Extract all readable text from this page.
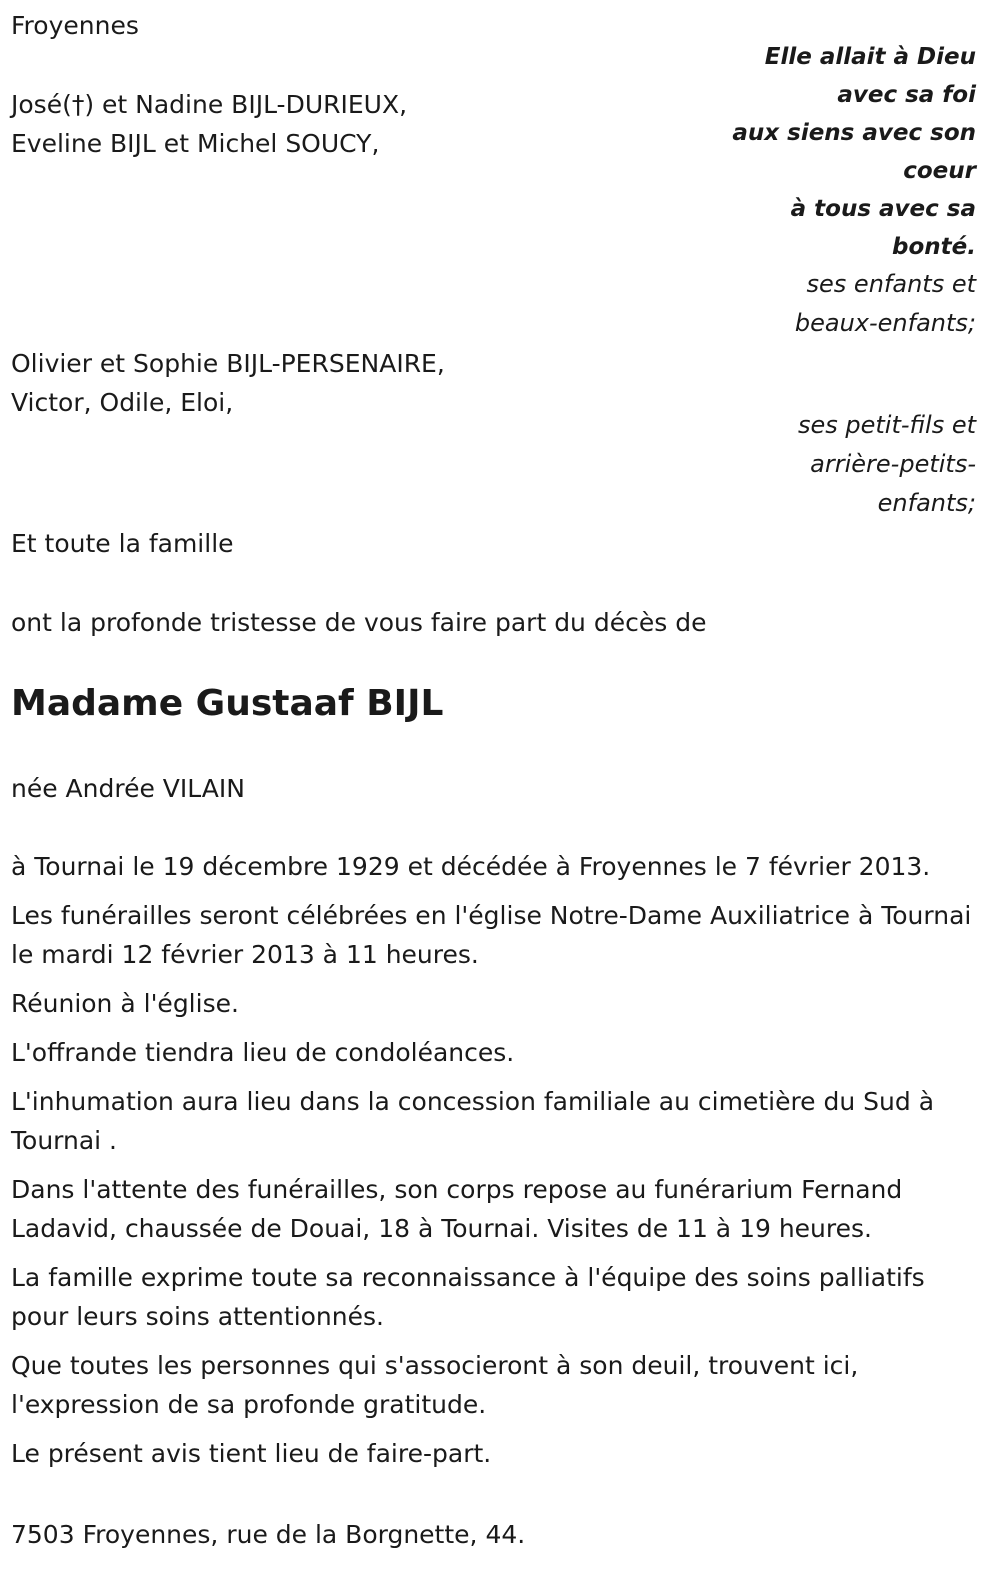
Froyennes
Elle allait à Dieu
avec sa foi
aux siens avec son
coeur
à tous avec sa
bonté.
José(†) et Nadine BIJL-DURIEUX,
Eveline BIJL et Michel SOUCY,
ses enfants et
beaux-enfants;
Olivier et Sophie BIJL-PERSENAIRE,
Victor, Odile, Eloi,
ses petit-fils et
arrière-petits-
enfants;
Et toute la famille
ont la profonde tristesse de vous faire part du décès de
Madame Gustaaf BIJL
née Andrée VILAIN

à Tournai le 19 décembre 1929 et décédée à Froyennes le 7 février 2013.

Les funérailles seront célébrées en l'église Notre-Dame Auxiliatrice à Tournai le mardi 12 février 2013 à 11 heures.

Réunion à l'église.

L'offrande tiendra lieu de condoléances.

L'inhumation aura lieu dans la concession familiale au cimetière du Sud à Tournai .

Dans l'attente des funérailles, son corps repose au funérarium Fernand Ladavid, chaussée de Douai, 18 à Tournai. Visites de 11 à 19 heures.

La famille exprime toute sa reconnaissance à l'équipe des soins palliatifs pour leurs soins attentionnés.

Que toutes les personnes qui s'associeront à son deuil, trouvent ici, l'expression de sa profonde gratitude.

Le présent avis tient lieu de faire-part.

7503 Froyennes, rue de la Borgnette, 44.
